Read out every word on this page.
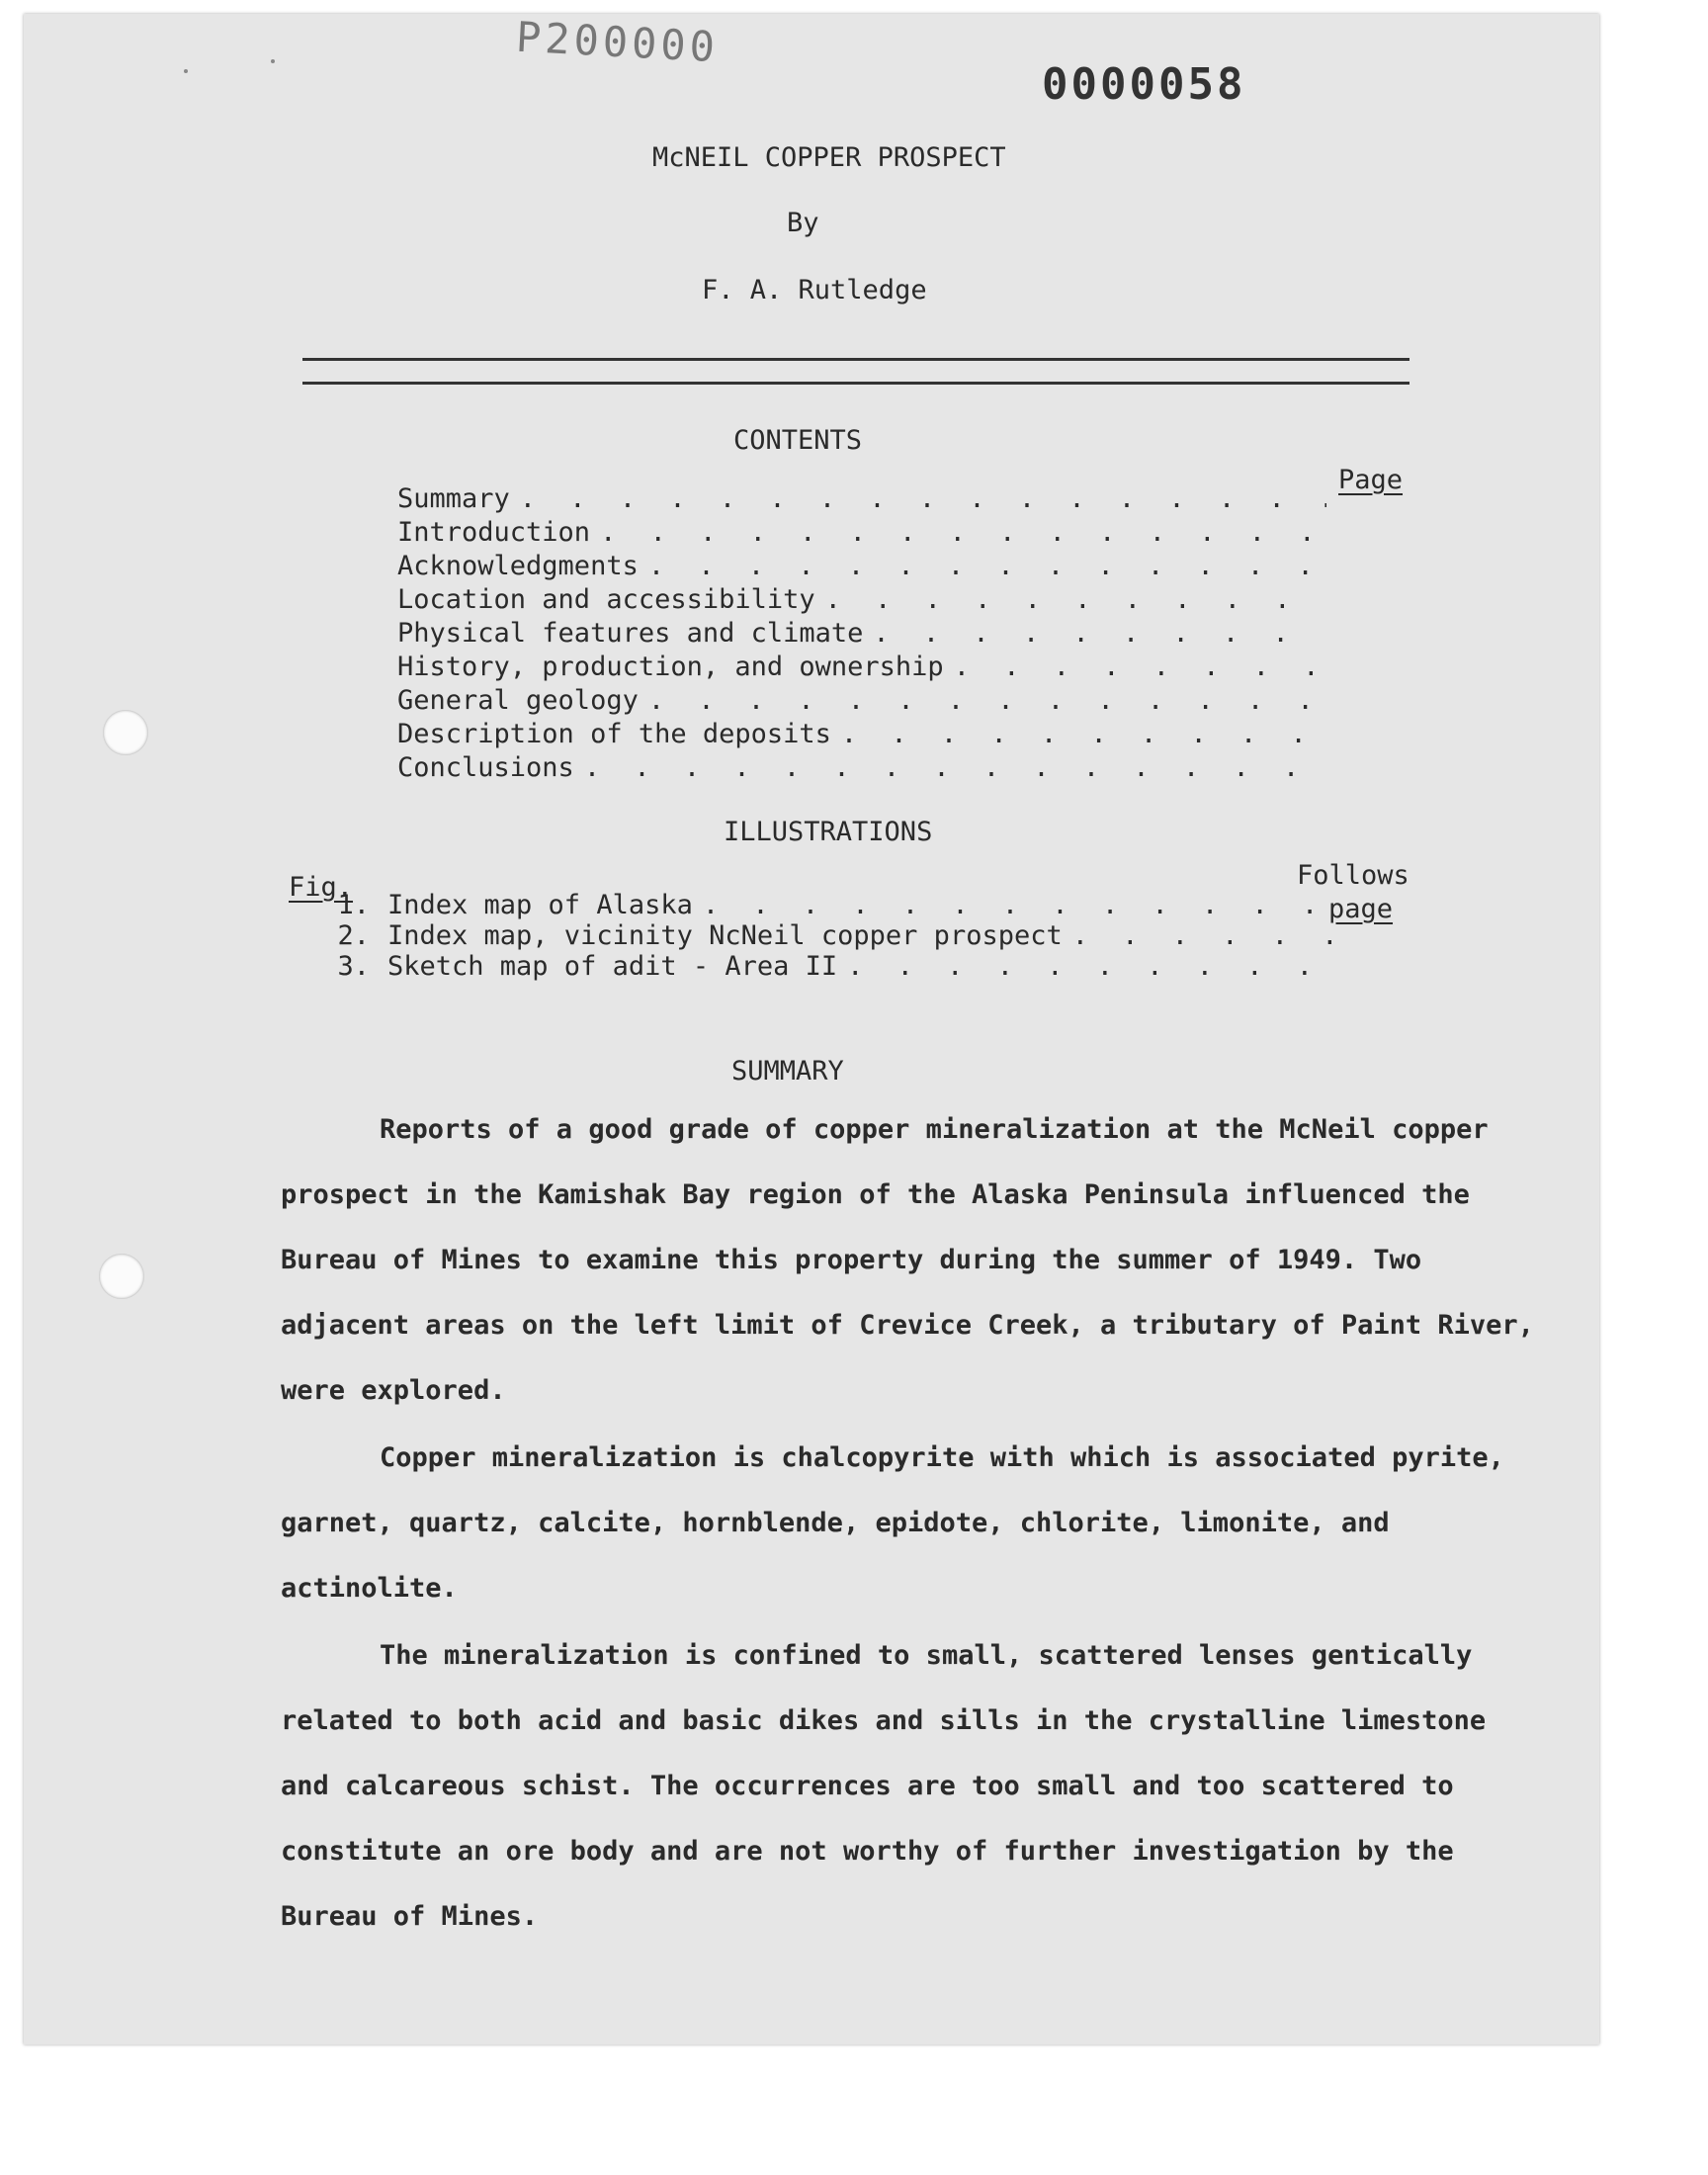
P200000
0000058
McNEIL COPPER PROSPECT
By
F. A. Rutledge
CONTENTS
Page
Summary
. . .
Introduction
. . .
Acknowledgments
. . .
Location and accessibility
. . .
Physical features and climate
. . .
History, production, and ownership
. . .
General geology
. . .
Description of the deposits
. . .
Conclusions
. . .
ILLUSTRATIONS
Fig.	Follows
page
1. Index map of Alaska
. . .
2. Index map, vicinity NcNeil copper prospect
. . .
3. Sketch map of adit - Area II
. . .
SUMMARY
Reports of a good grade of copper mineralization at the McNeil copper prospect in the Kamishak Bay region of the Alaska Peninsula influenced the Bureau of Mines to examine this property during the summer of 1949. Two adjacent areas on the left limit of Crevice Creek, a tributary of Paint River, were explored.
Copper mineralization is chalcopyrite with which is associated pyrite, garnet, quartz, calcite, hornblende, epidote, chlorite, limonite, and actinolite.
The mineralization is confined to small, scattered lenses gentically related to both acid and basic dikes and sills in the crystalline limestone and calcareous schist. The occurrences are too small and too scattered to constitute an ore body and are not worthy of further investigation by the Bureau of Mines.
